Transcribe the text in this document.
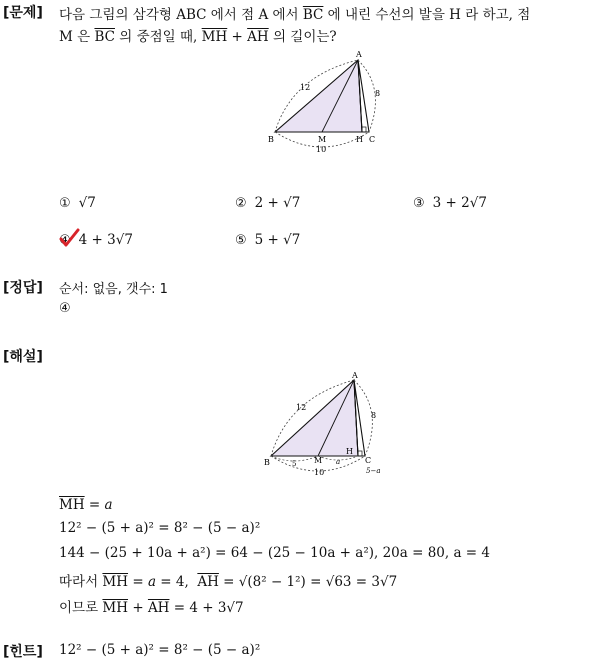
[문제] 다음 그림의 삼각형 ABC 에서 점 A 에서 $\overline{BC}$ 에 내린 수선의 발을 H 라 하고, 점
M 은 $\overline{BC}$ 의 중점일 때, $\overline{MH} + \overline{AH}$ 의 길이는?
A
B	C
M	H
12
8
10
① √7	② 2 + √7	③ 3 + 2√7
④ 4 + 3√7	⑤ 5 + √7
[정답] 순서: 없음, 갯수: 1
④
[해설]
A
B	C
M
H
12
8
5	a
5−a
10
$\overline{MH} = a$
12² − (5 + a)² = 8² − (5 − a)²
144 − (25 + 10a + a²) = 64 − (25 − 10a + a²), 20a = 80, a = 4
따라서 $\overline{MH} = a = 4$,  $\overline{AH} = √(8^2 - 1^2) = √63 = 3√7$
이므로 $\overline{MH} + \overline{AH} = 4 + 3√7$
[힌트] 12² − (5 + a)² = 8² − (5 − a)²
